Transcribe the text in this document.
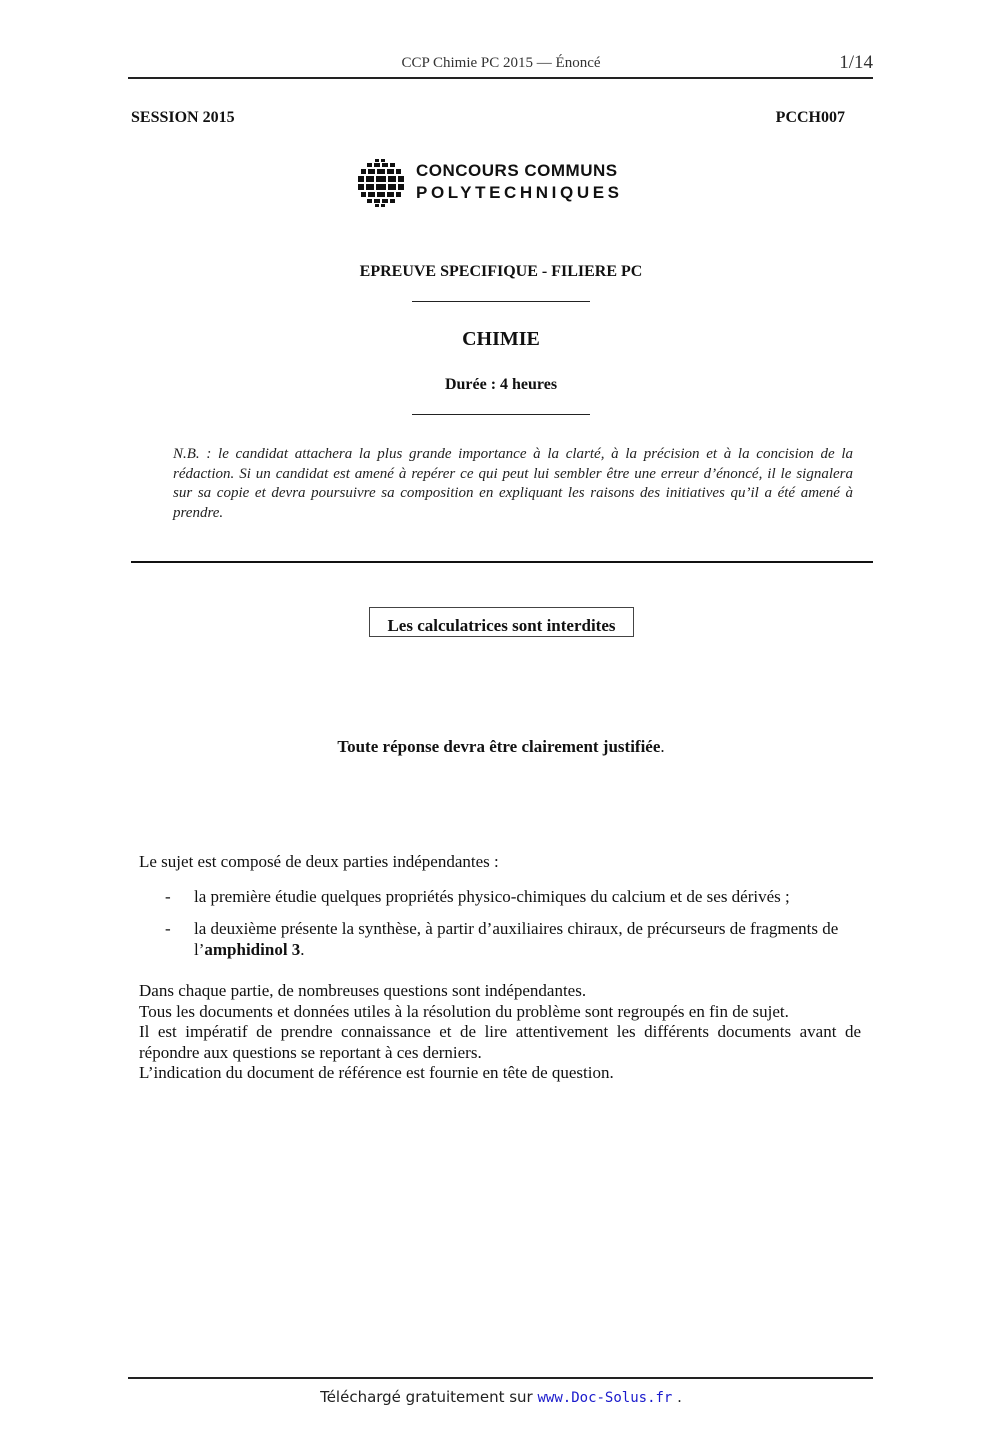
CCP Chimie PC 2015 — Énoncé	1/14
SESSION 2015	PCCH007
CONCOURS COMMUNS
POLYTECHNIQUES
EPREUVE SPECIFIQUE - FILIERE PC
CHIMIE
Durée : 4 heures
N.B. : le candidat attachera la plus grande importance à la clarté, à la précision et à la concision de la rédaction. Si un candidat est amené à repérer ce qui peut lui sembler être une erreur d’énoncé, il le signalera sur sa copie et devra poursuivre sa composition en expliquant les raisons des initiatives qu’il a été amené à prendre.
Les calculatrices sont interdites
Toute réponse devra être clairement justifiée.
Le sujet est composé de deux parties indépendantes :
- la première étudie quelques propriétés physico-chimiques du calcium et de ses dérivés ;
- la deuxième présente la synthèse, à partir d’auxiliaires chiraux, de précurseurs de fragments de l’amphidinol 3.
Dans chaque partie, de nombreuses questions sont indépendantes.
Tous les documents et données utiles à la résolution du problème sont regroupés en fin de sujet.
Il est impératif de prendre connaissance et de lire attentivement les différents documents avant de
répondre aux questions se reportant à ces derniers.
L’indication du document de référence est fournie en tête de question.
Téléchargé gratuitement sur www.Doc-Solus.fr .
